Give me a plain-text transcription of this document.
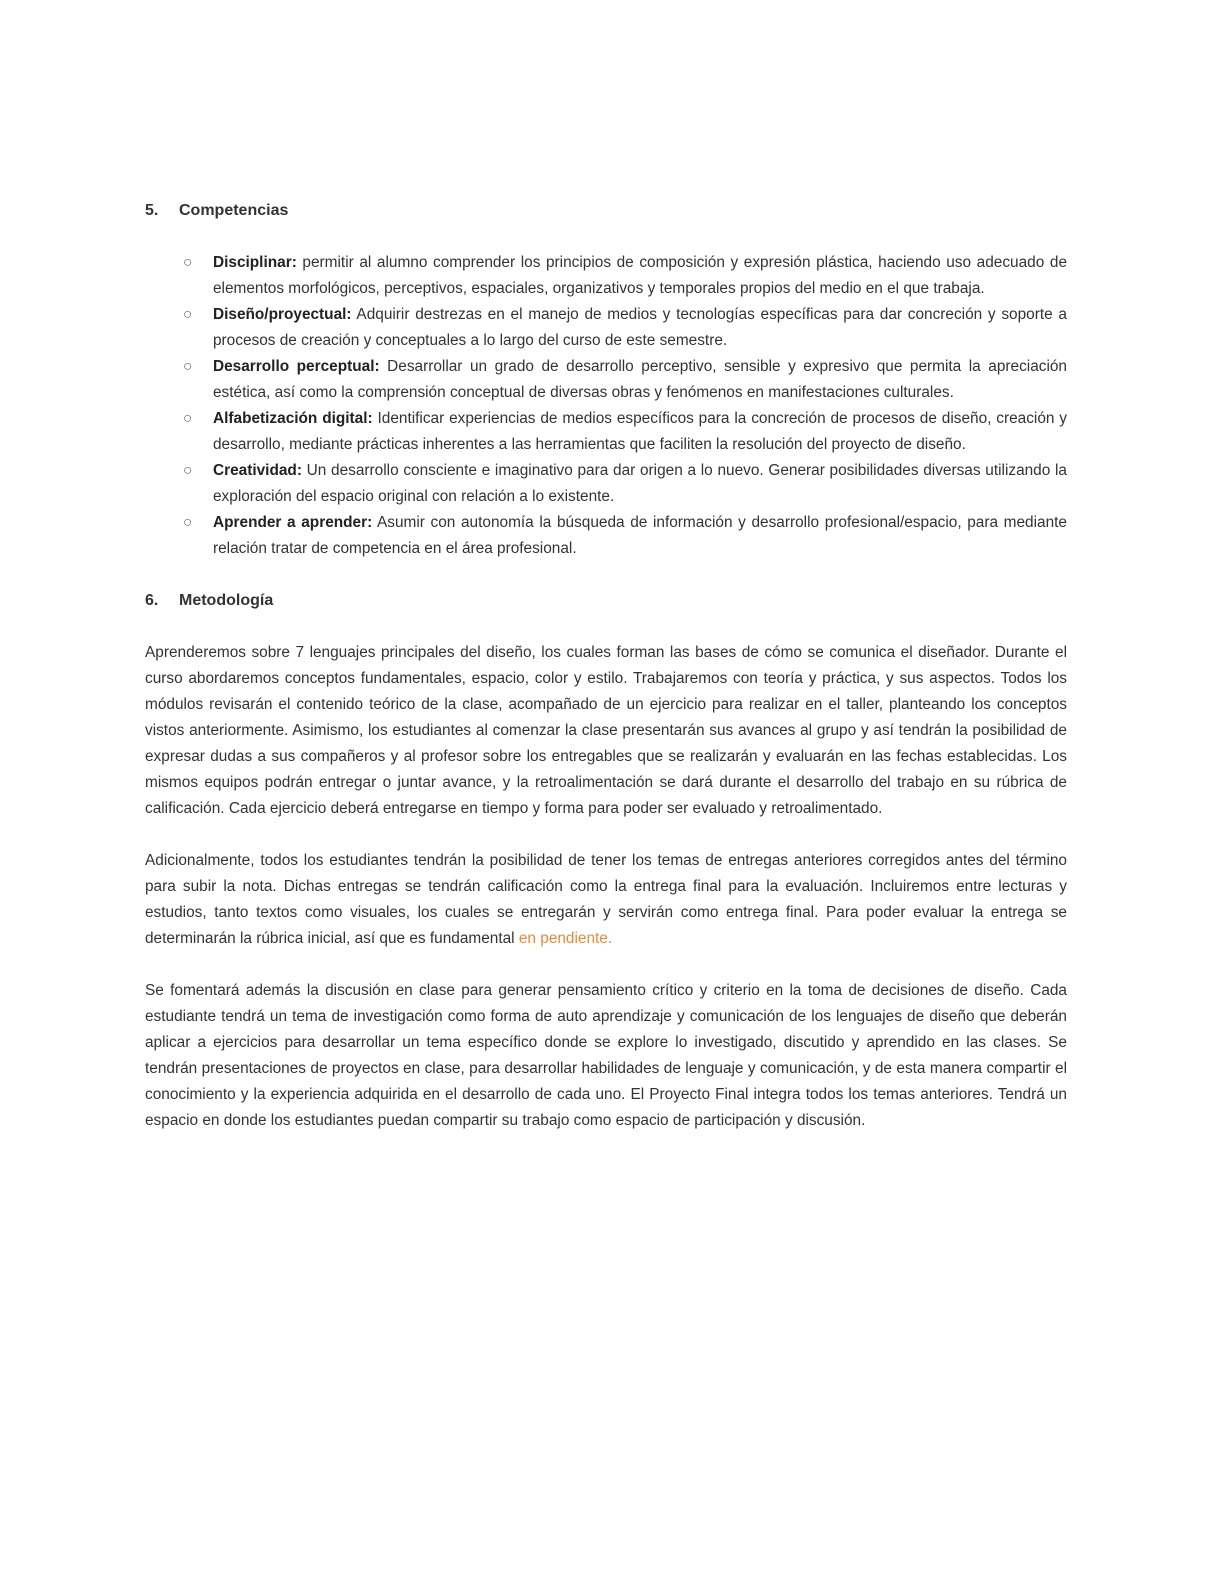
5. Competencias
○ Disciplinar: permitir al alumno comprender los principios de composición y expresión plástica, haciendo uso adecuado de elementos morfológicos, perceptivos, espaciales, organizativos y temporales propios del medio en el que trabaja.
○ Diseño/proyectual: Adquirir destrezas en el manejo de medios y tecnologías específicas para dar concreción y soporte a procesos de creación y conceptuales a lo largo del curso de este semestre.
○ Desarrollo perceptual: Desarrollar un grado de desarrollo perceptivo, sensible y expresivo que permita la apreciación estética, así como la comprensión conceptual de diversas obras y fenómenos en manifestaciones culturales.
○ Alfabetización digital: Identificar experiencias de medios específicos para la concreción de procesos de diseño, creación y desarrollo, mediante prácticas inherentes a las herramientas que faciliten la resolución del proyecto de diseño.
○ Creatividad: Un desarrollo consciente e imaginativo para dar origen a lo nuevo. Generar posibilidades diversas utilizando la exploración del espacio original con relación a lo existente.
○ Aprender a aprender: Asumir con autonomía la búsqueda de información y desarrollo profesional/espacio, para mediante relación tratar de competencia en el área profesional.
6. Metodología

Aprenderemos sobre 7 lenguajes principales del diseño, los cuales forman las bases de cómo se comunica el diseñador. Durante el curso abordaremos conceptos fundamentales, espacio, color y estilo. Trabajaremos con teoría y práctica, y sus aspectos. Todos los módulos revisarán el contenido teórico de la clase, acompañado de un ejercicio para realizar en el taller, planteando los conceptos vistos anteriormente. Asimismo, los estudiantes al comenzar la clase presentarán sus avances al grupo y así tendrán la posibilidad de expresar dudas a sus compañeros y al profesor sobre los entregables que se realizarán y evaluarán en las fechas establecidas. Los mismos equipos podrán entregar o juntar avance, y la retroalimentación se dará durante el desarrollo del trabajo en su rúbrica de calificación. Cada ejercicio deberá entregarse en tiempo y forma para poder ser evaluado y retroalimentado.

Adicionalmente, todos los estudiantes tendrán la posibilidad de tener los temas de entregas anteriores corregidos antes del término para subir la nota. Dichas entregas se tendrán calificación como la entrega final para la evaluación. Incluiremos entre lecturas y estudios, tanto textos como visuales, los cuales se entregarán y servirán como entrega final. Para poder evaluar la entrega se determinarán la rúbrica inicial, así que es fundamental en pendiente.

Se fomentará además la discusión en clase para generar pensamiento crítico y criterio en la toma de decisiones de diseño. Cada estudiante tendrá un tema de investigación como forma de auto aprendizaje y comunicación de los lenguajes de diseño que deberán aplicar a ejercicios para desarrollar un tema específico donde se explore lo investigado, discutido y aprendido en las clases. Se tendrán presentaciones de proyectos en clase, para desarrollar habilidades de lenguaje y comunicación, y de esta manera compartir el conocimiento y la experiencia adquirida en el desarrollo de cada uno. El Proyecto Final integra todos los temas anteriores. Tendrá un espacio en donde los estudiantes puedan compartir su trabajo como espacio de participación y discusión.
